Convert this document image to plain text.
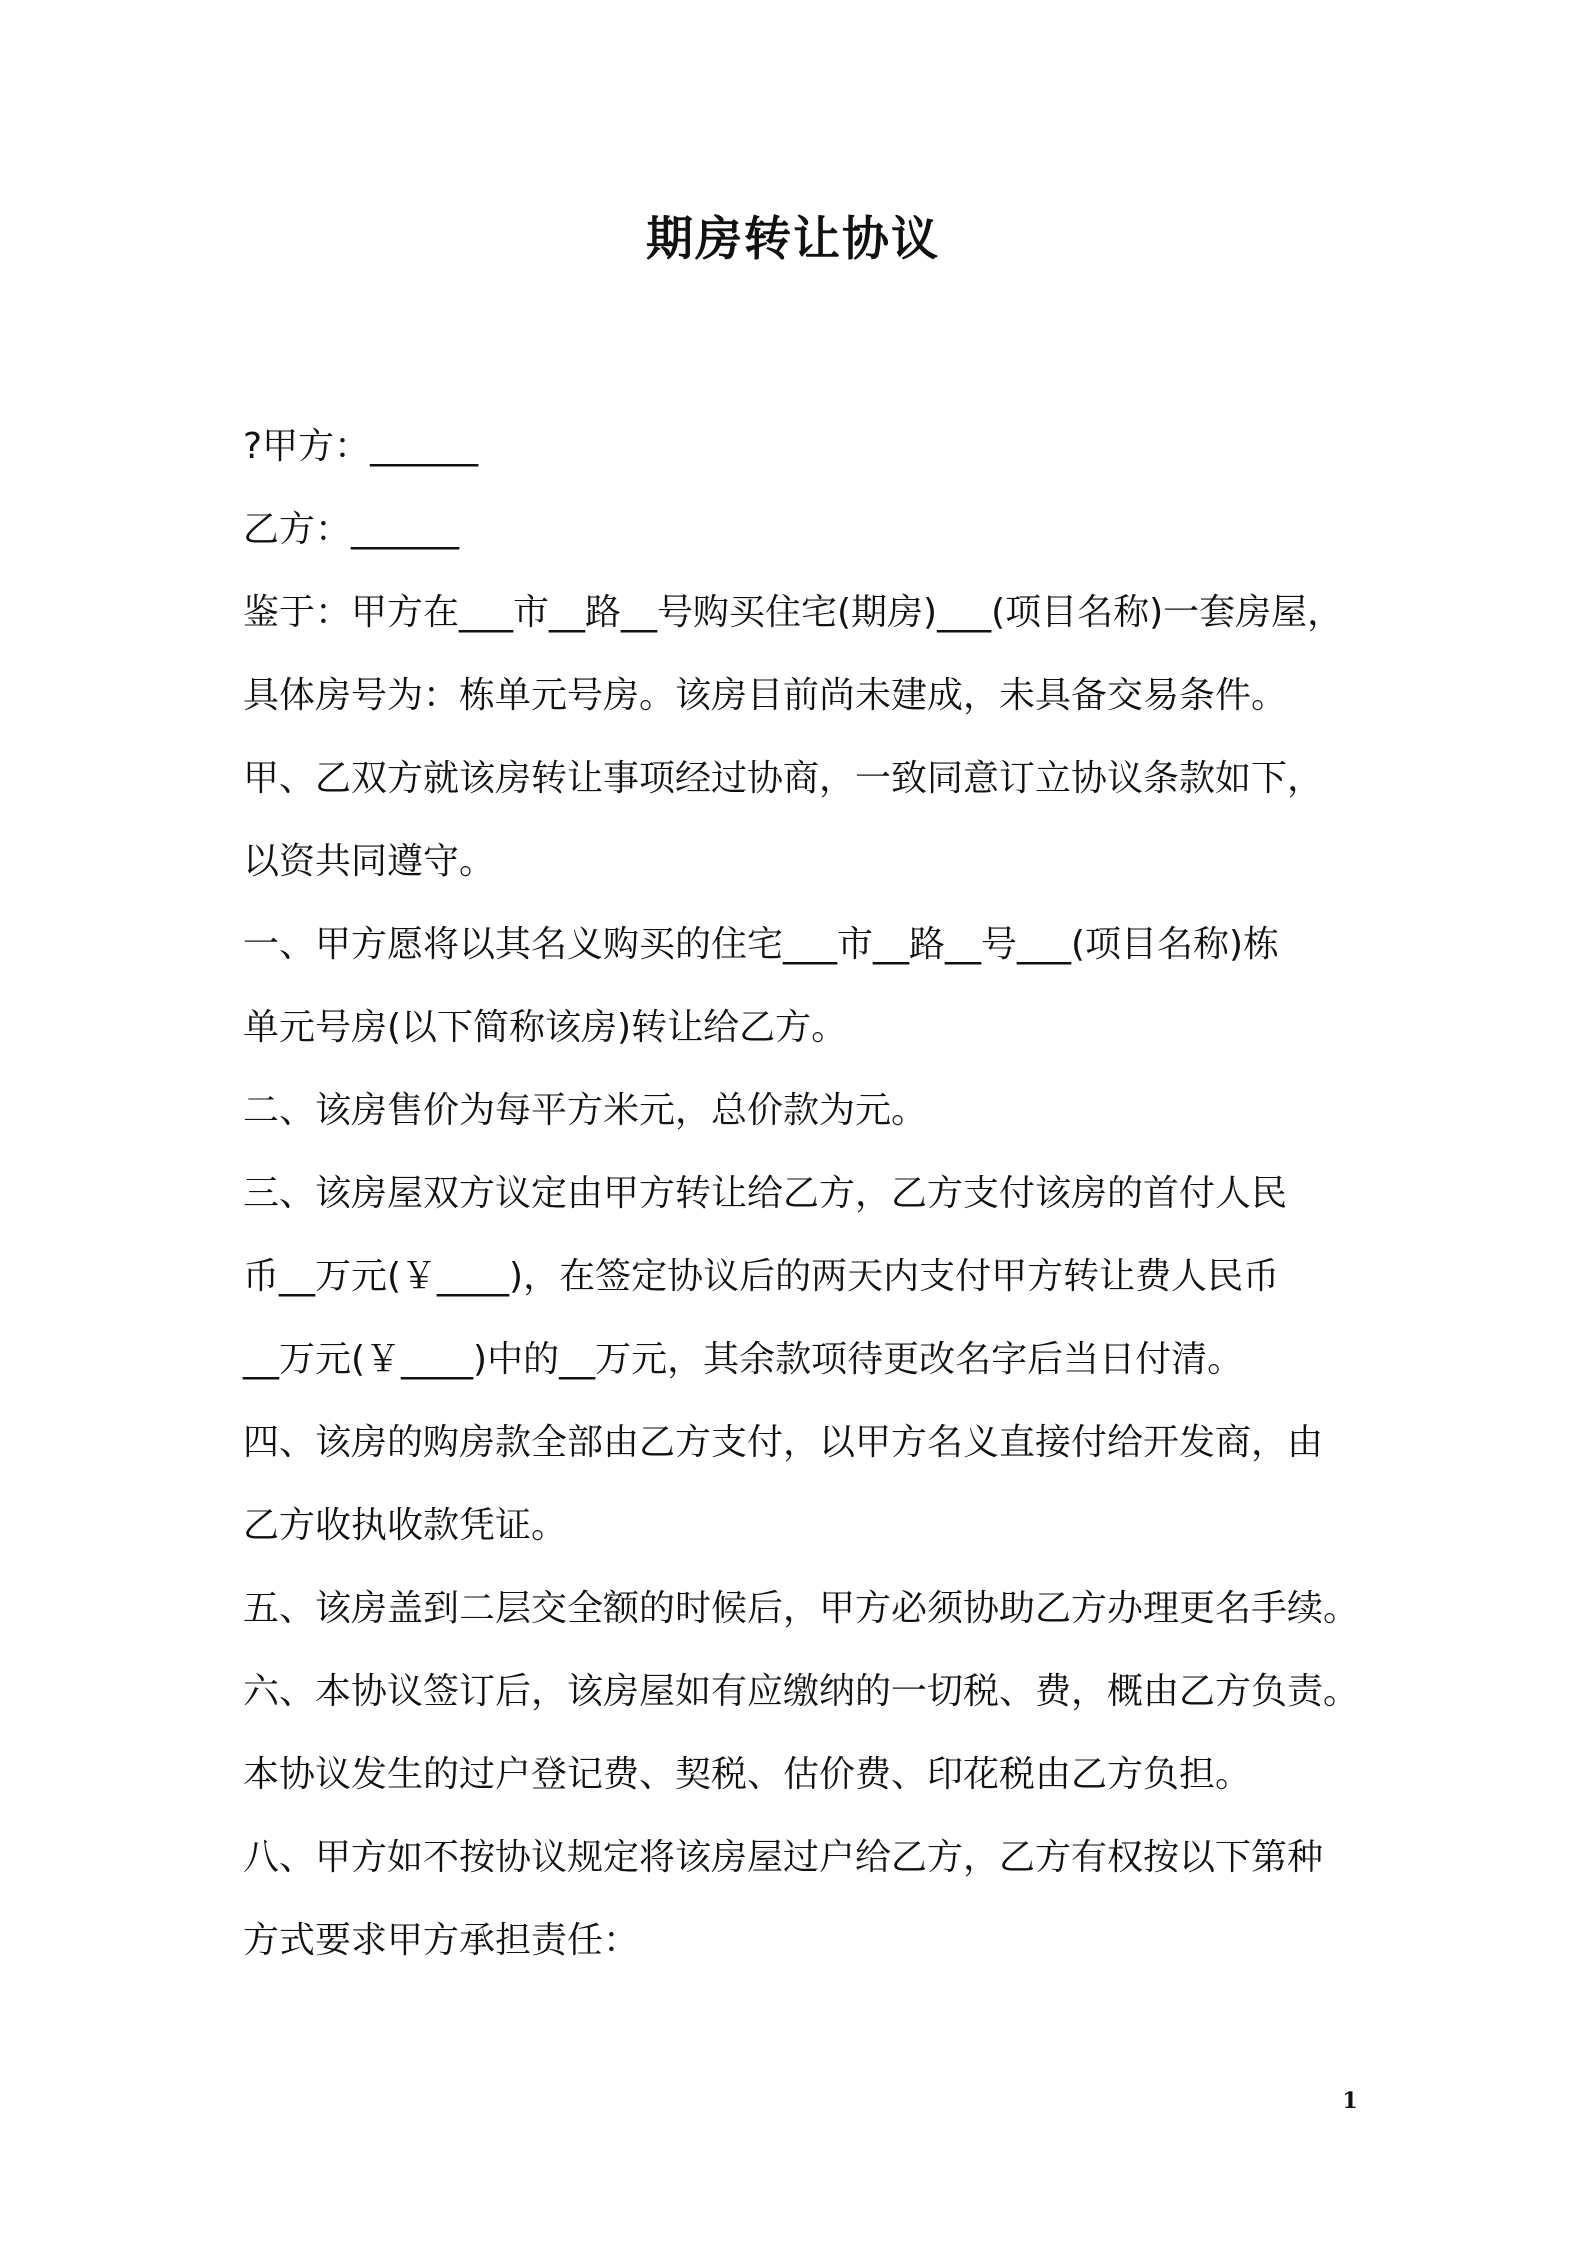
期房转让协议
?甲方：______
乙方：______
鉴于：甲方在___市__路__号购买住宅(期房)___(项目名称)一套房屋，
具体房号为：栋单元号房。该房目前尚未建成，未具备交易条件。
甲、乙双方就该房转让事项经过协商，一致同意订立协议条款如下，
以资共同遵守。
一、甲方愿将以其名义购买的住宅___市__路__号___(项目名称)栋
单元号房(以下简称该房)转让给乙方。
二、该房售价为每平方米元，总价款为元。
三、该房屋双方议定由甲方转让给乙方，乙方支付该房的首付人民
币__万元(￥____)，在签定协议后的两天内支付甲方转让费人民币
__万元(￥____)中的__万元，其余款项待更改名字后当日付清。
四、该房的购房款全部由乙方支付，以甲方名义直接付给开发商，由
乙方收执收款凭证。
五、该房盖到二层交全额的时候后，甲方必须协助乙方办理更名手续。
六、本协议签订后，该房屋如有应缴纳的一切税、费，概由乙方负责。
本协议发生的过户登记费、契税、估价费、印花税由乙方负担。
八、甲方如不按协议规定将该房屋过户给乙方，乙方有权按以下第种
方式要求甲方承担责任：
1
